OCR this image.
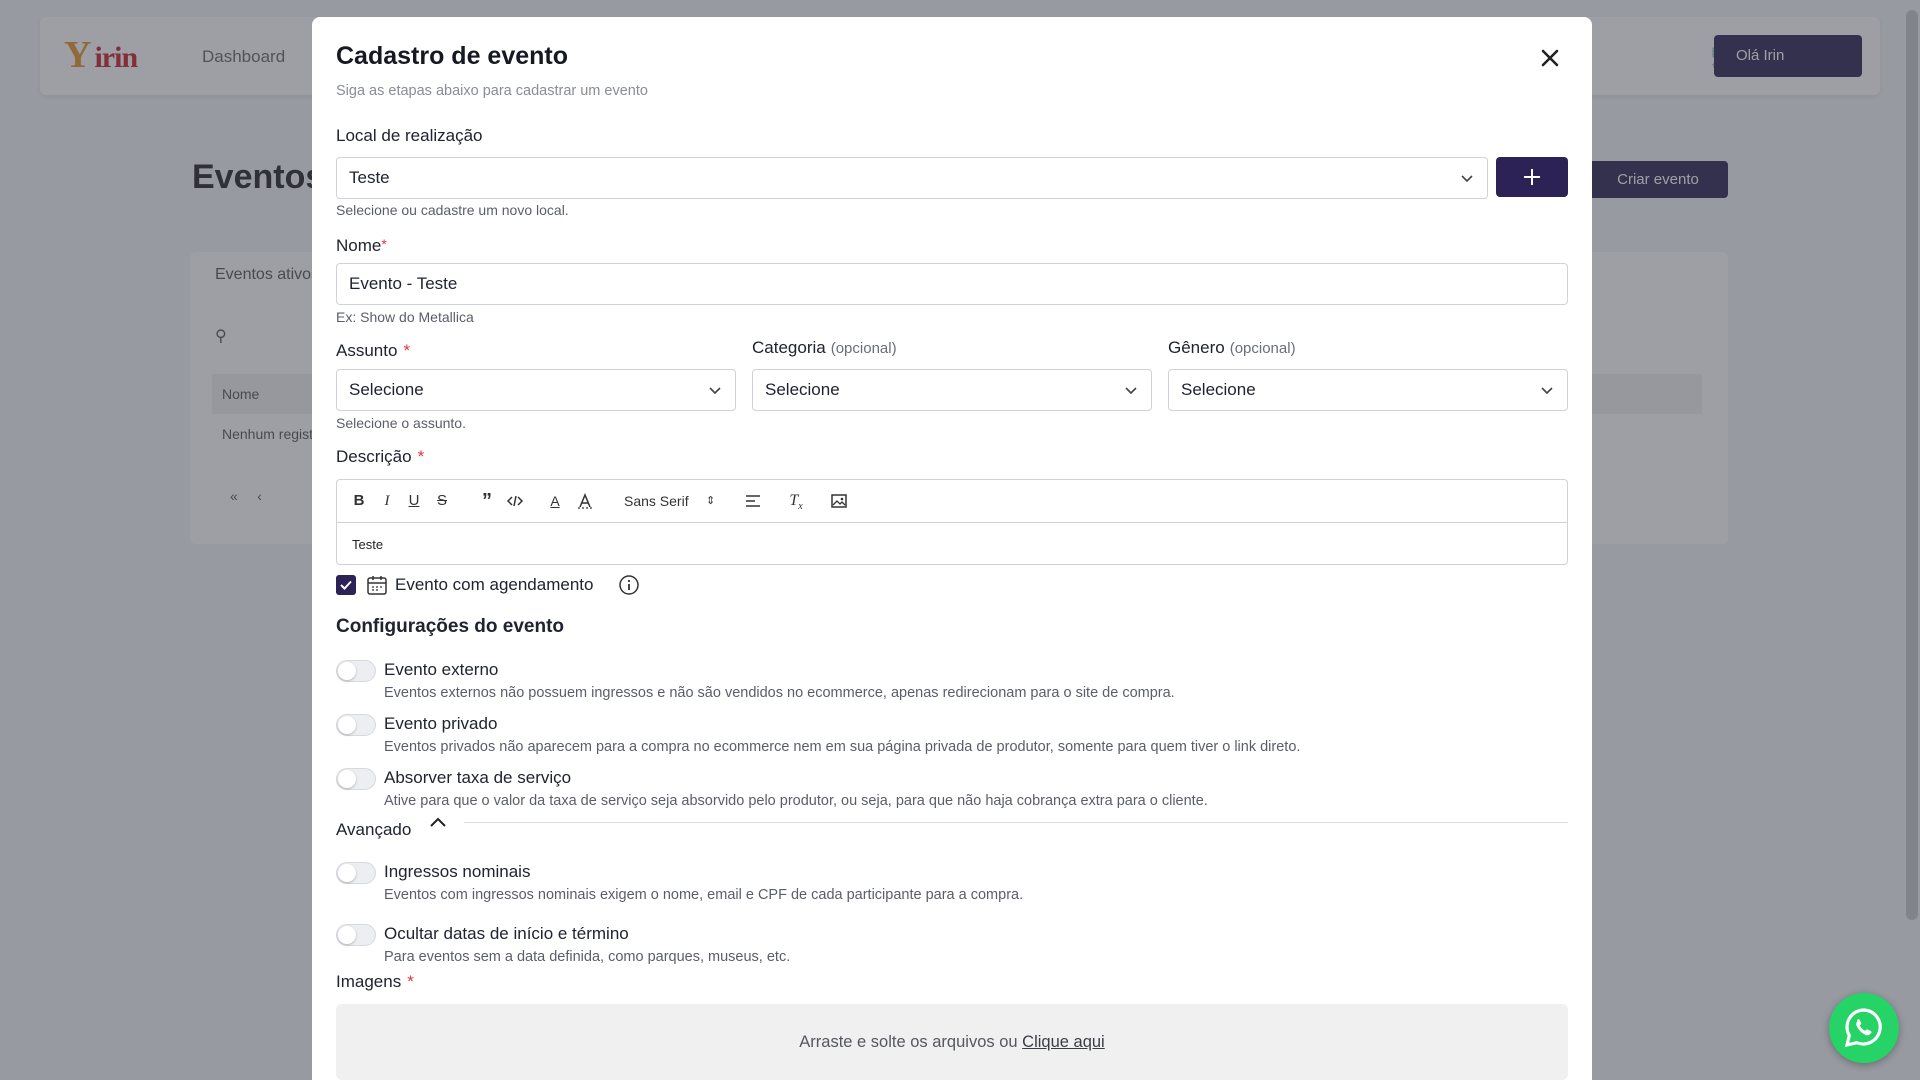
Cadastro de evento
Siga as etapas abaixo para cadastrar um evento
Local de realização
Teste
Selecione ou cadastre um novo local.
Nome*
Evento - Teste
Ex: Show do Metallica
Assunto *
Selecione
Selecione o assunto.
Categoria (opcional)
Selecione
Gênero (opcional)
Selecione
Descrição *
B	I	U S ”	A	Sans Serif ⇕	$T_x$
Teste
Evento com agendamento
Configurações do evento
Evento externo
Eventos externos não possuem ingressos e não são vendidos no ecommerce, apenas redirecionam para o site de compra.
Evento privado
Eventos privados não aparecem para a compra no ecommerce nem em sua página privada de produtor, somente para quem tiver o link direto.
Absorver taxa de serviço
Ative para que o valor da taxa de serviço seja absorvido pelo produtor, ou seja, para que não haja cobrança extra para o cliente.
Avançado
Ingressos nominais
Eventos com ingressos nominais exigem o nome, email e CPF de cada participante para a compra.
Ocultar datas de início e término
Para eventos sem a data definida, como parques, museus, etc.
Imagens *
Arraste e solte os arquivos ou Clique aqui
